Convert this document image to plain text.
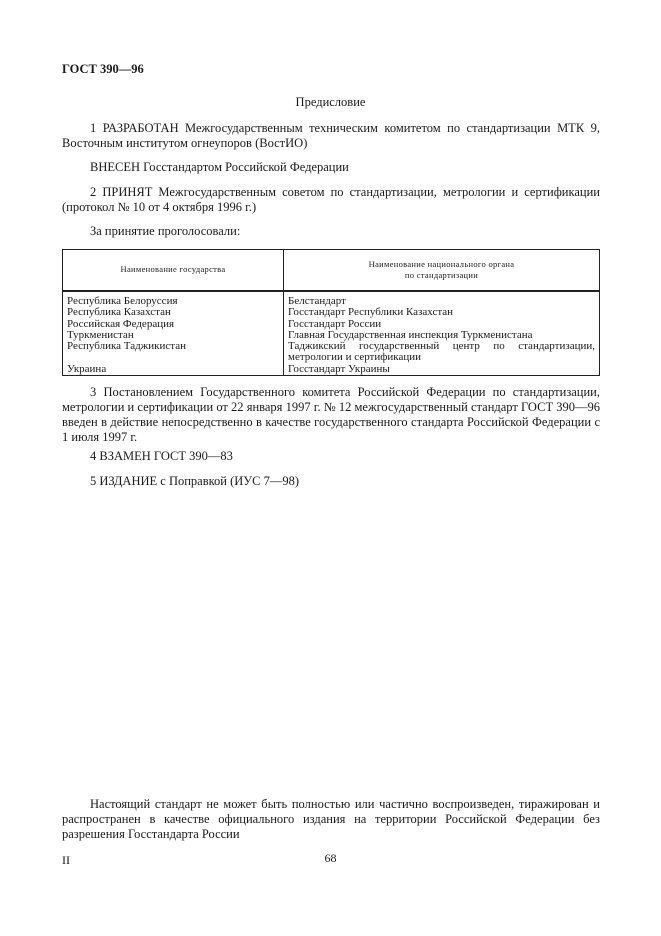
ГОСТ 390—96
Предисловие
1 РАЗРАБОТАН Межгосударственным техническим комитетом по стандартизации МТК 9, Восточным институтом огнеупоров (ВостИО)
ВНЕСЕН Госстандартом Российской Федерации
2 ПРИНЯТ Межгосударственным советом по стандартизации, метрологии и сертификации (протокол № 10 от 4 октября 1996 г.)
За принятие проголосовали:
Наименование государства	Наименование национального органа
по стандартизации

Республика Белоруссия	Белстандарт
Республика Казахстан	Госстандарт Республики Казахстан
Российская Федерация	Госстандарт России
Туркменистан	Главная Государственная инспекция Туркменистана
Республика Таджикистан	Таджикский государственный центр по стандартизации, метрологии и сертификации
Украина	Госстандарт Украины
3 Постановлением Государственного комитета Российской Федерации по стандартизации, метрологии и сертификации от 22 января 1997 г. № 12 межгосударственный стандарт ГОСТ 390—96 введен в действие непосредственно в качестве государственного стандарта Российской Федерации с 1 июля 1997 г.
4 ВЗАМЕН ГОСТ 390—83
5 ИЗДАНИЕ с Поправкой (ИУС 7—98)
Настоящий стандарт не может быть полностью или частично воспроизведен, тиражирован и распространен в качестве официального издания на территории Российской Федерации без разрешения Госстандарта России
II	68
